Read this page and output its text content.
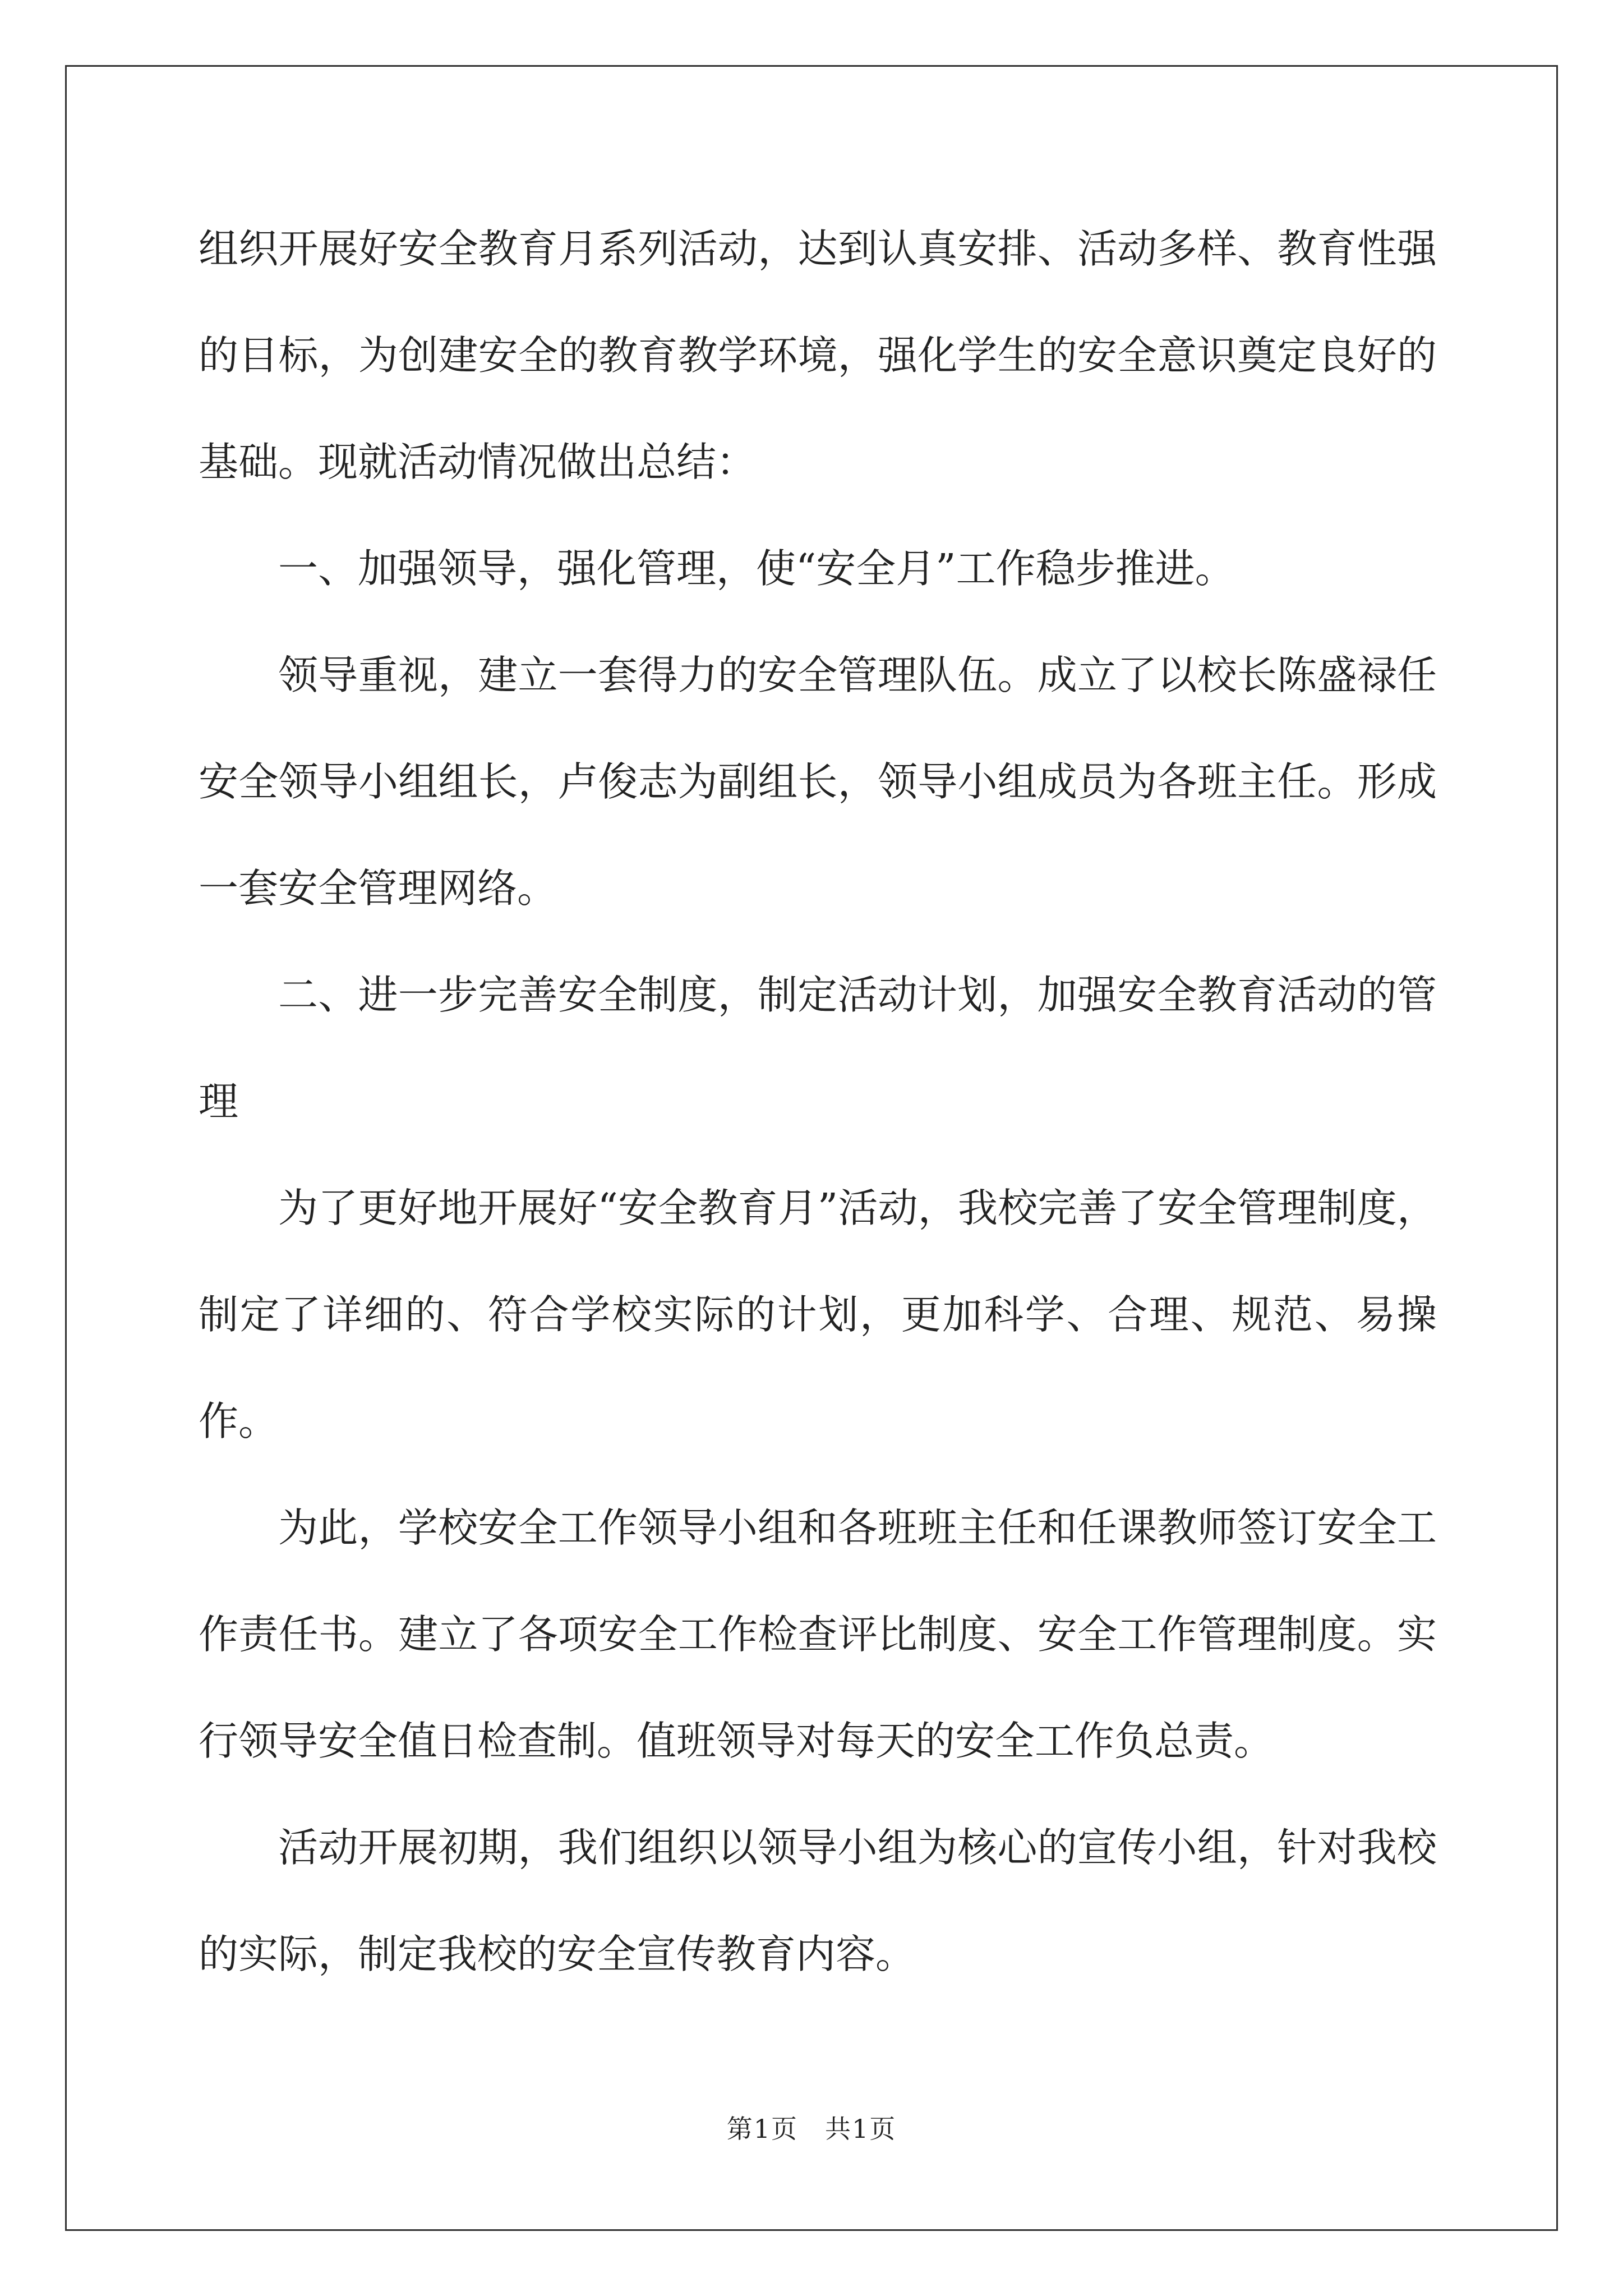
组织开展好安全教育月系列活动，达到认真安排、活动多样、教育性强的目标，为创建安全的教育教学环境，强化学生的安全意识奠定良好的基础。现就活动情况做出总结：

一、加强领导，强化管理，使“安全月”工作稳步推进。

领导重视，建立一套得力的安全管理队伍。成立了以校长陈盛禄任安全领导小组组长，卢俊志为副组长，领导小组成员为各班主任。形成一套安全管理网络。

二、进一步完善安全制度，制定活动计划，加强安全教育活动的管理

为了更好地开展好“安全教育月”活动，我校完善了安全管理制度，制定了详细的、符合学校实际的计划，更加科学、合理、规范、易操作。

为此，学校安全工作领导小组和各班班主任和任课教师签订安全工作责任书。建立了各项安全工作检查评比制度、安全工作管理制度。实行领导安全值日检查制。值班领导对每天的安全工作负总责。

活动开展初期，我们组织以领导小组为核心的宣传小组，针对我校的实际，制定我校的安全宣传教育内容。

第1页　共1页
